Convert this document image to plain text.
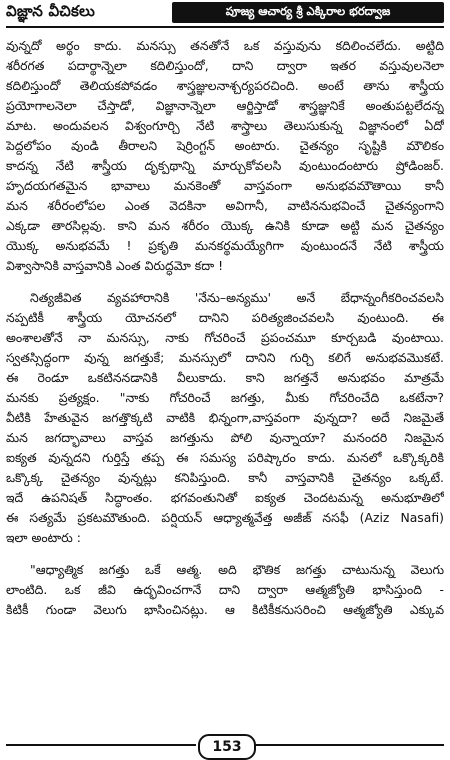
విజ్ఞాన వీచికలు	పూజ్య ఆచార్య శ్రీ ఎక్కిరాల భరద్వాజ
వున్నదో అర్థం కాదు. మనస్సు తనతోనే ఒక వస్తువును కదిలించలేదు. అట్టిది
శరీరగత పదార్థాన్నెలా కదిలిస్తుందో, దాని ద్వారా ఇతర వస్తువులనెలా
కదిలిస్తుందో తెలియకపోవడం శాస్త్రజ్ఞులనాశ్చర్యపరచింది. అంటే తాను శాస్త్రీయ
ప్రయోగాలనెలా చేస్తాడో, విజ్ఞానాన్నెలా ఆర్జిస్తాడో శాస్త్రజ్ఞునికే అంతుపట్టలేదన్న
మాట. అందువలన విశ్వంగూర్చి నేటి శాస్త్రాలు తెలుసుకున్న విజ్ఞానంలో ఏదో
పెద్దలోపం వుండి తీరాలని షెర్రింగ్టన్ అంటారు. చైతన్యం సృష్టికి మౌలికం
కాదన్న నేటి శాస్త్రీయ దృక్పథాన్ని మార్చుకోవలసి వుంటుందంటారు ష్రోడింజర్.
హృదయగతమైన భావాలు మనకెంతో వాస్తవంగా అనుభవమౌతాయి కానీ
మన శరీరంలోపల ఎంత వెదకినా అవిగానీ, వాటిననుభవించే చైతన్యంగాని
ఎక్కడా తారసిల్లవు. కాని మన శరీరం యొక్క ఉనికి కూడా అట్టి మన చైతన్యం
యొక్క అనుభవమే ! ప్రకృతి మనకర్థమయ్యేగిగా వుంటుందనే నేటి శాస్త్రీయ
విశ్వాసానికి వాస్తవానికి ఎంత విరుద్ధమో కదా !
నిత్యజీవిత వ్యవహారానికి 'నేను–అన్యము' అనే బేధాన్నంగీకరించవలసి
నప్పటికీ శాస్త్రీయ యోచనలో దానిని పరిత్యజించవలసి వుంటుంది. ఈ
అంశాలతోనే నా మనస్సు, నాకు గోచరించే ప్రపంచమూ కూర్చబడి వుంటాయి.
స్వతస్సిద్ధంగా వున్న జగత్తుకే; మనస్సులో దానిని గుర్చి కలిగే అనుభవమొకటే.
ఈ రెండూ ఒకటిననడానికి వీలుకాదు. కాని జగత్తనే అనుభవం మాత్రమే
మనకు ప్రత్యక్షం. "నాకు గోచరించే జగత్తు, మీకు గోచరించేది ఒకటేనా?
వీటికి హేతువైన జగత్తొక్కటి వాటికి భిన్నంగా,వాస్తవంగా వున్నదా? అదే నిజమైతే
మన జగద్భావాలు వాస్తవ జగత్తును పోలి వున్నాయా? మనందరి నిజమైన
ఐక్యత వున్నదని గుర్తిస్తే తప్ప ఈ సమస్య పరిష్కారం కాదు. మనలో ఒక్కొక్కరికి
ఒక్కొక్క చైతన్యం వున్నట్లు కనిపిస్తుంది. కానీ వాస్తవానికి చైతన్యం ఒక్కటే.
ఇదే ఉపనిషత్ సిద్ధాంతం. భగవంతునితో ఐక్యత చెందటమన్న అనుభూతిలో
ఈ సత్యమే ప్రకటమౌతుంది. పర్షియన్ ఆధ్యాత్మవేత్త అజీజ్ నసఫీ (Aziz Nasafi)
ఇలా అంటారు :
"ఆధ్యాత్మిక జగత్తు ఒకే ఆత్మ. అది భౌతిక జగత్తు చాటునున్న వెలుగు
లాంటిది. ఒక జీవి ఉద్భవించగానే దాని ద్వారా ఆత్మజ్యోతి భాసిస్తుంది -
కిటికీ గుండా వెలుగు భాసించినట్లు. ఆ కిటికీకనుసరించి ఆత్మజ్యోతి ఎక్కువ
153
